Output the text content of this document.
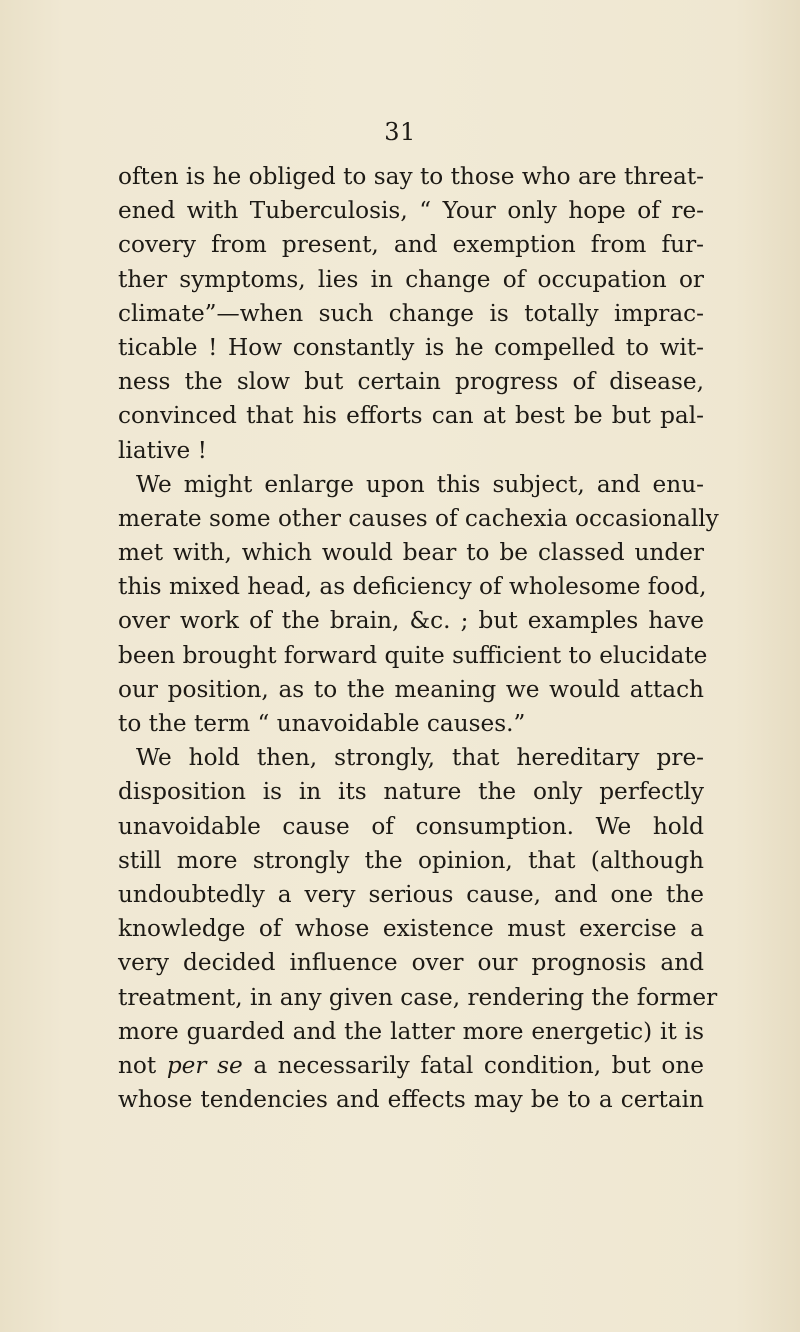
31
often is he obliged to say to those who are threat-
ened with Tuberculosis, “ Your only hope of re-
covery from present, and exemption from fur-
ther symptoms, lies in change of occupation or
climate”—when such change is totally imprac-
ticable ! How constantly is he compelled to wit-
ness the slow but certain progress of disease,
convinced that his efforts can at best be but pal-
liative !
We might enlarge upon this subject, and enu-
merate some other causes of cachexia occasionally
met with, which would bear to be classed under
this mixed head, as deficiency of wholesome food,
over work of the brain, &c. ; but examples have
been brought forward quite sufficient to elucidate
our position, as to the meaning we would attach
to the term “ unavoidable causes.”
We hold then, strongly, that hereditary pre-
disposition is in its nature the only perfectly
unavoidable cause of consumption. We hold
still more strongly the opinion, that (although
undoubtedly a very serious cause, and one the
knowledge of whose existence must exercise a
very decided influence over our prognosis and
treatment, in any given case, rendering the former
more guarded and the latter more energetic) it is
not per se a necessarily fatal condition, but one
whose tendencies and effects may be to a certain
